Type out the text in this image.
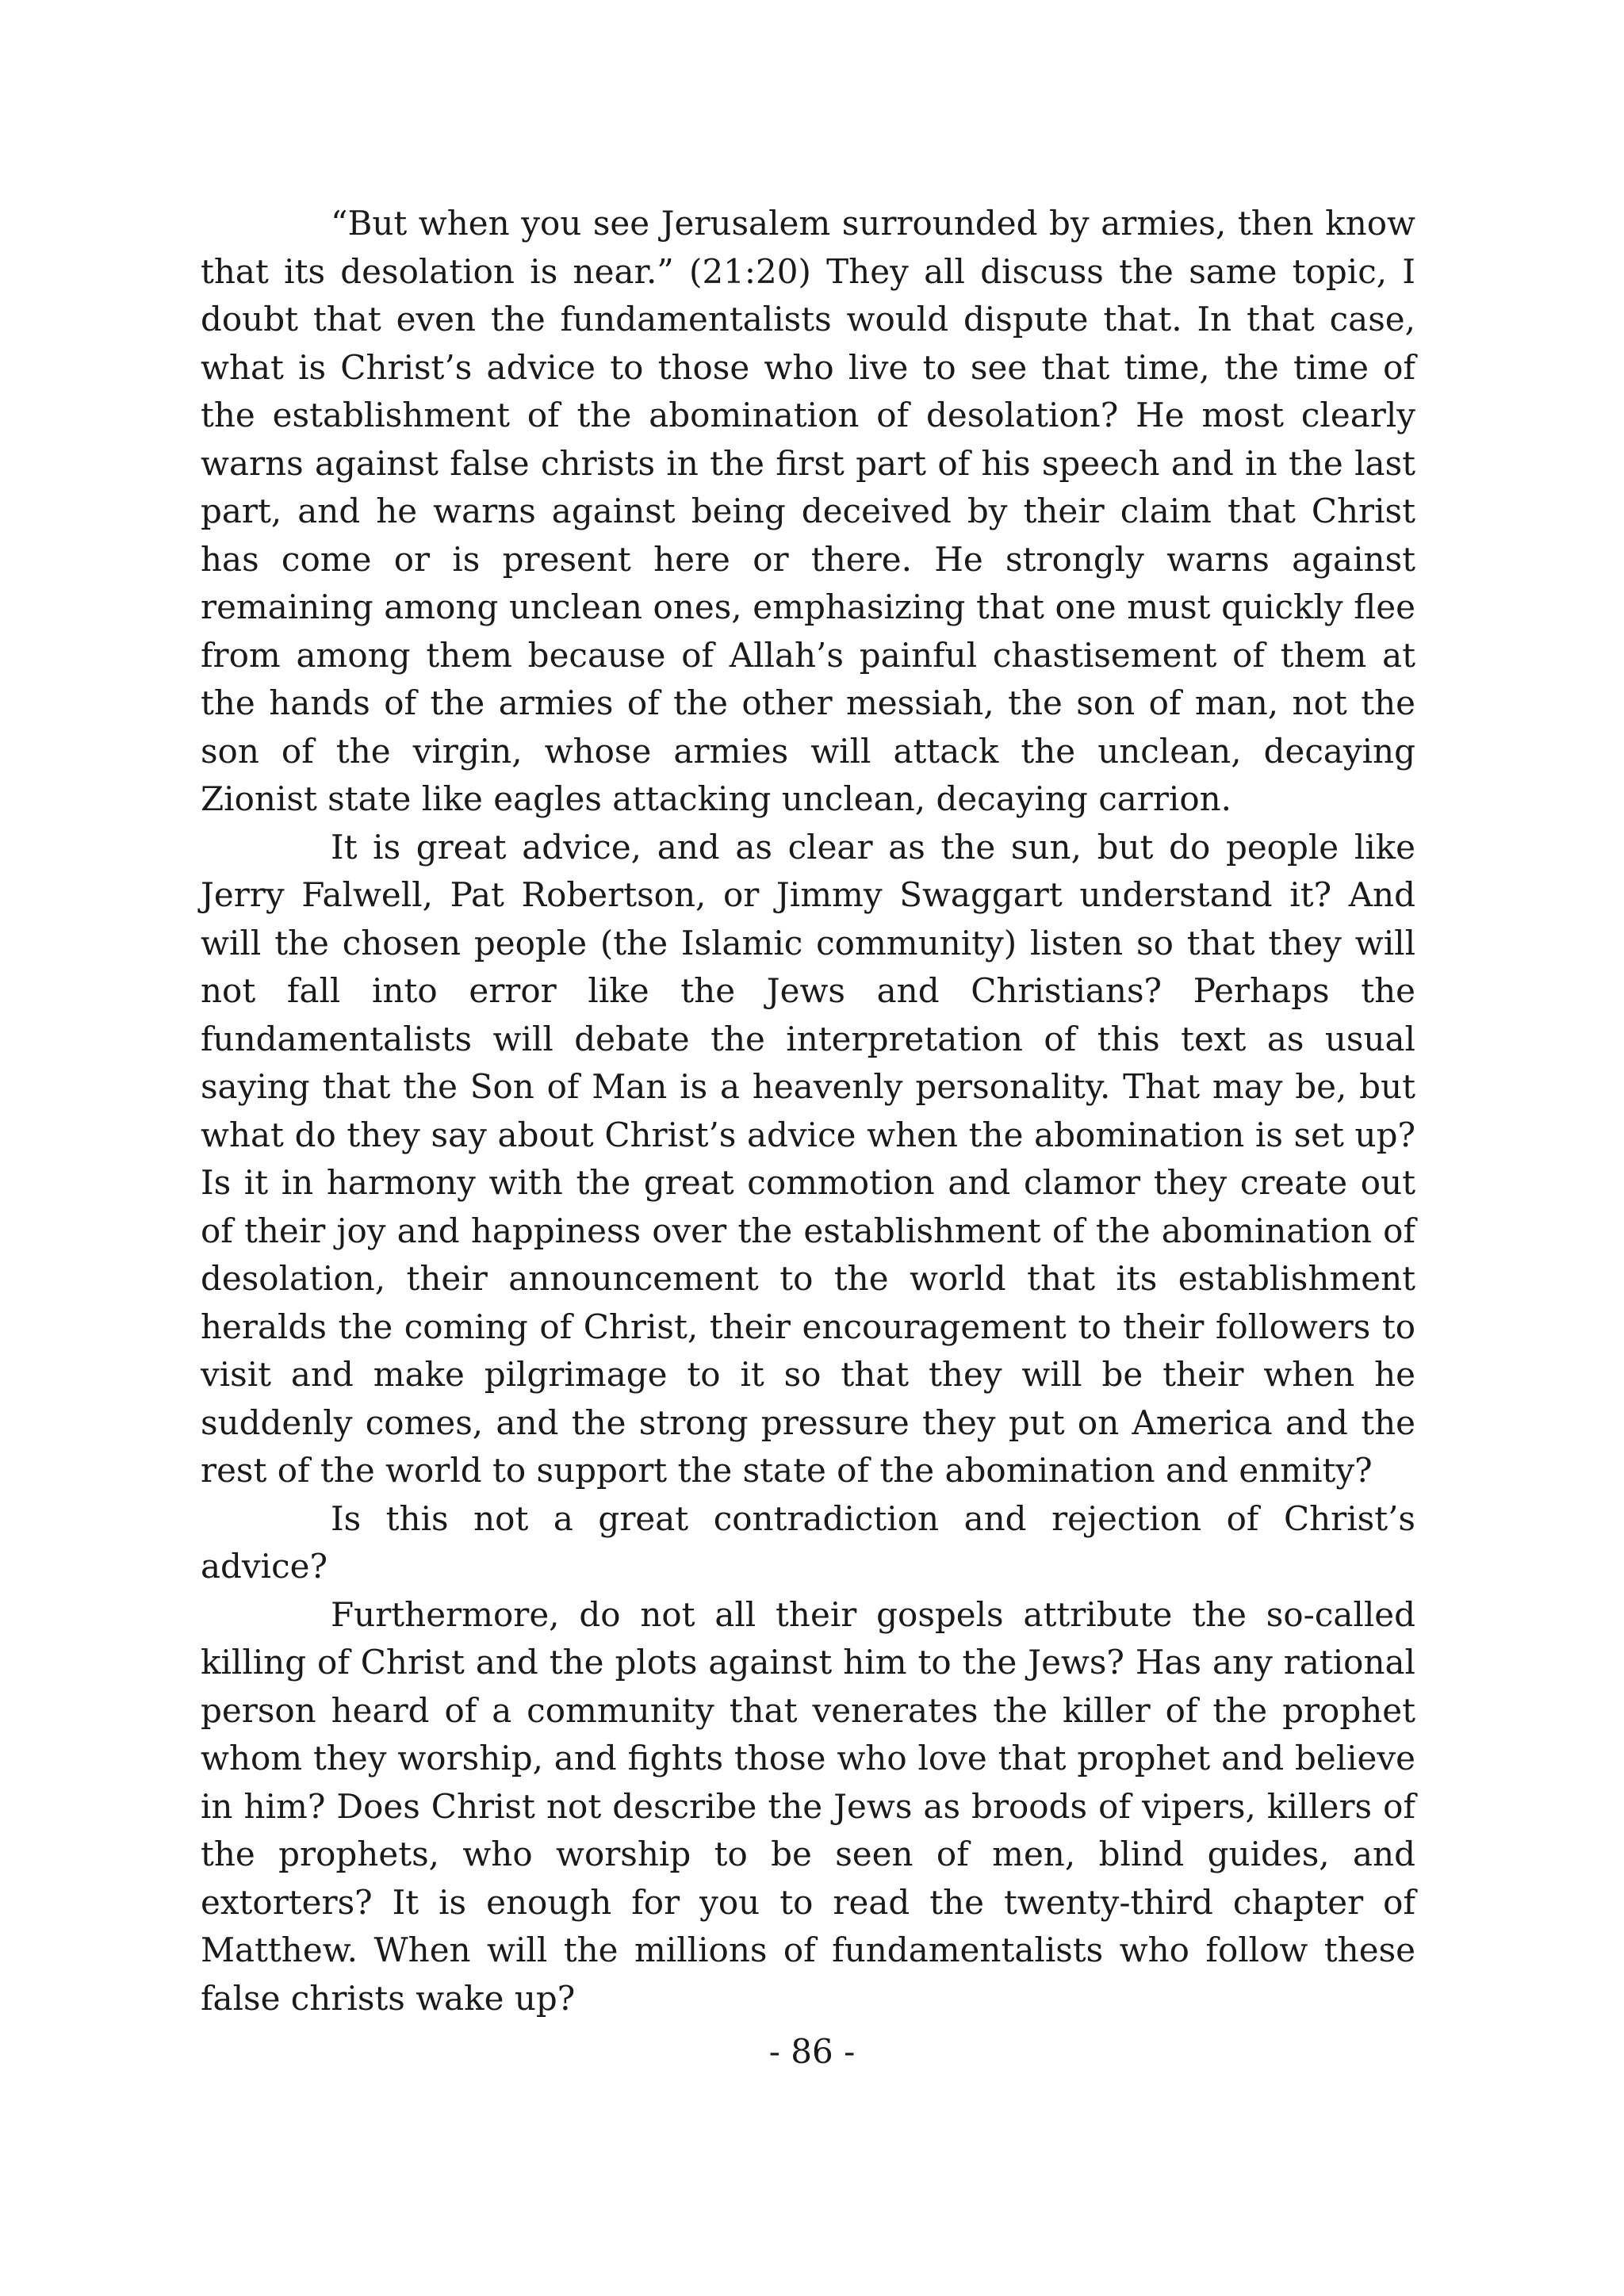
“But when you see Jerusalem surrounded by armies, then know that its desolation is near.” (21:20) They all discuss the same topic, I doubt that even the fundamentalists would dispute that. In that case, what is Christ’s advice to those who live to see that time, the time of the establishment of the abomination of desolation? He most clearly warns against false christs in the first part of his speech and in the last part, and he warns against being deceived by their claim that Christ has come or is present here or there. He strongly warns against remaining among unclean ones, emphasizing that one must quickly flee from among them because of Allah’s painful chastisement of them at the hands of the armies of the other messiah, the son of man, not the son of the virgin, whose armies will attack the unclean, decaying Zionist state like eagles attacking unclean, decaying carrion.

It is great advice, and as clear as the sun, but do people like Jerry Falwell, Pat Robertson, or Jimmy Swaggart understand it? And will the chosen people (the Islamic community) listen so that they will not fall into error like the Jews and Christians? Perhaps the fundamentalists will debate the interpretation of this text as usual saying that the Son of Man is a heavenly personality. That may be, but what do they say about Christ’s advice when the abomination is set up? Is it in harmony with the great commotion and clamor they create out of their joy and happiness over the establishment of the abomination of desolation, their announcement to the world that its establishment heralds the coming of Christ, their encouragement to their followers to visit and make pilgrimage to it so that they will be their when he suddenly comes, and the strong pressure they put on America and the rest of the world to support the state of the abomination and enmity?

Is this not a great contradiction and rejection of Christ’s advice?

Furthermore, do not all their gospels attribute the so-called killing of Christ and the plots against him to the Jews? Has any rational person heard of a community that venerates the killer of the prophet whom they worship, and fights those who love that prophet and believe in him? Does Christ not describe the Jews as broods of vipers, killers of the prophets, who worship to be seen of men, blind guides, and extorters? It is enough for you to read the twenty-third chapter of Matthew. When will the millions of fundamentalists who follow these false christs wake up?

- 86 -
